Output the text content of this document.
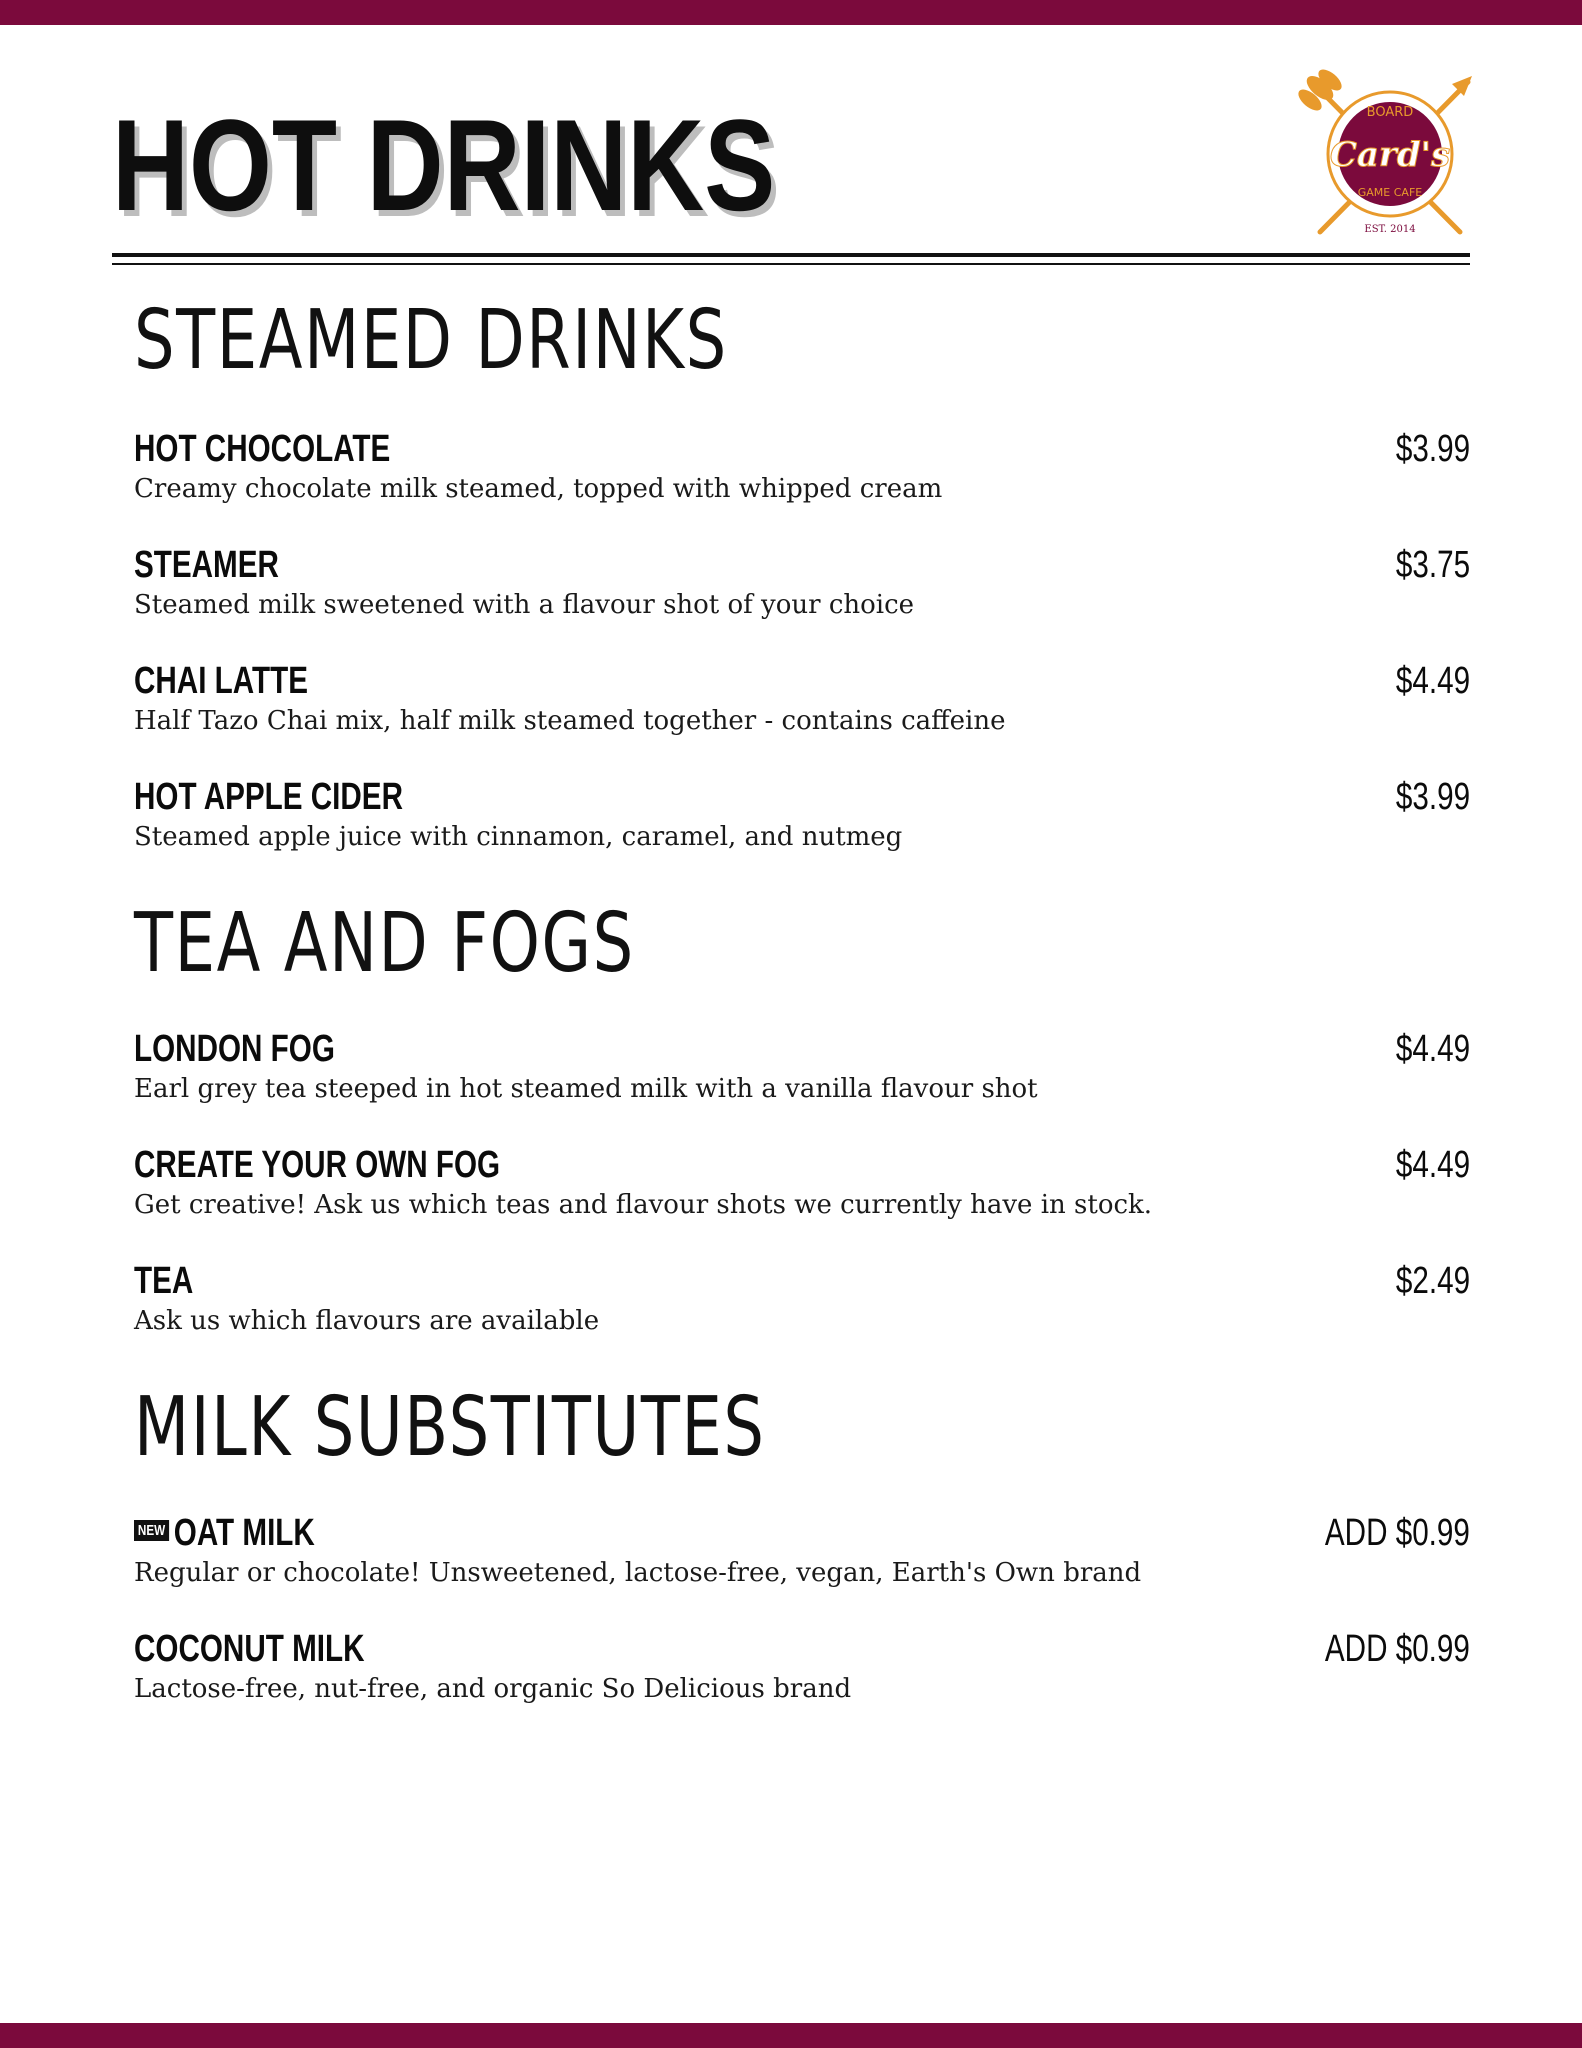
HOT DRINKS	BOARD
Card's
GAME CAFE
EST. 2014
STEAMED DRINKS
HOT CHOCOLATE	$3.99
Creamy chocolate milk steamed, topped with whipped cream
STEAMER	$3.75
Steamed milk sweetened with a flavour shot of your choice
CHAI LATTE	$4.49
Half Tazo Chai mix, half milk steamed together - contains caffeine
HOT APPLE CIDER	$3.99
Steamed apple juice with cinnamon, caramel, and nutmeg
TEA AND FOGS
LONDON FOG	$4.49
Earl grey tea steeped in hot steamed milk with a vanilla flavour shot
CREATE YOUR OWN FOG	$4.49
Get creative! Ask us which teas and flavour shots we currently have in stock.
TEA	$2.49
Ask us which flavours are available
MILK SUBSTITUTES
NEW OAT MILK	ADD $0.99
Regular or chocolate! Unsweetened, lactose-free, vegan, Earth's Own brand
COCONUT MILK	ADD $0.99
Lactose-free, nut-free, and organic So Delicious brand
